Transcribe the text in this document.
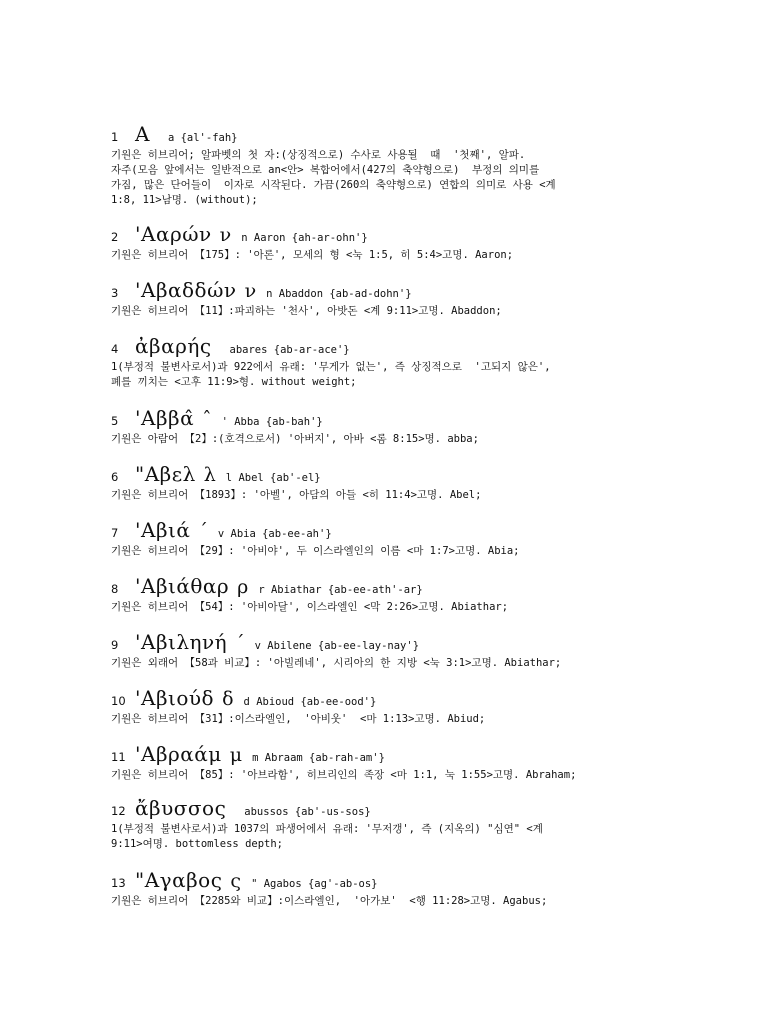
1 A a {al'-fah}
기원은 히브리어; 알파벳의 첫 자:(상징적으로) 수사로 사용될  때  '첫째', 알파.
자주(모음 앞에서는 일반적으로 an<안> 복합어에서(427의 축약형으로)  부정의 의미를
가짐, 많은 단어들이  이자로 시작된다. 가끔(260의 축약형으로) 연합의 의미로 사용 <계
1:8, 11>남명. (without);
2 'Ααρών ν n Aaron {ah-ar-ohn'}
기원은 히브리어 【175】: '아론', 모세의 형 <눅 1:5, 히 5:4>고명. Aaron;
3 'Αβαδδών ν n Abaddon {ab-ad-dohn'}
기원은 히브리어 【11】:파괴하는 '천사', 아밧돈 <계 9:11>고명. Abaddon;
4 ἀβαρής abares {ab-ar-ace'}
1(부정적 불변사로서)과 922에서 유래: '무게가 없는', 즉 상징적으로  '고되지 않은',
폐를 끼치는 <고후 11:9>형. without weight;
5 'Αββα̂ ˆ ' Abba {ab-bah'}
기원은 아람어 【2】:(호격으로서) '아버지', 아바 <롬 8:15>명. abba;
6 "Αβελ λ l Abel {ab'-el}
기원은 히브리어 【1893】: '아벨', 아담의 아들 <히 11:4>고명. Abel;
7 'Αβιά ˊ v Abia {ab-ee-ah'}
기원은 히브리어 【29】: '아비야', 두 이스라엘인의 이름 <마 1:7>고명. Abia;
8 'Αβιάθαρ ρ r Abiathar {ab-ee-ath'-ar}
기원은 히브리어 【54】: '아비아달', 이스라엘인 <막 2:26>고명. Abiathar;
9 'Αβιληνή ˊ v Abilene {ab-ee-lay-nay'}
기원은 외래어 【58과 비교】: '아빌레네', 시리아의 한 지방 <눅 3:1>고명. Abiathar;
10 'Αβιούδ δ d Abioud {ab-ee-ood'}
기원은 히브리어 【31】:이스라엘인,  '아비웃'  <마 1:13>고명. Abiud;
11 'Αβραάμ μ m Abraam {ab-rah-am'}
기원은 히브리어 【85】: '아브라함', 히브리인의 족장 <마 1:1, 눅 1:55>고명. Abraham;
12 ἄβυσσος abussos {ab'-us-sos}
1(부정적 불변사로서)과 1037의 파생어에서 유래: '무저갱', 즉 (지옥의) "심연" <계
9:11>여명. bottomless depth;
13 "Αγαβος ς " Agabos {ag'-ab-os}
기원은 히브리어 【2285와 비교】:이스라엘인,  '아가보'  <행 11:28>고명. Agabus;
